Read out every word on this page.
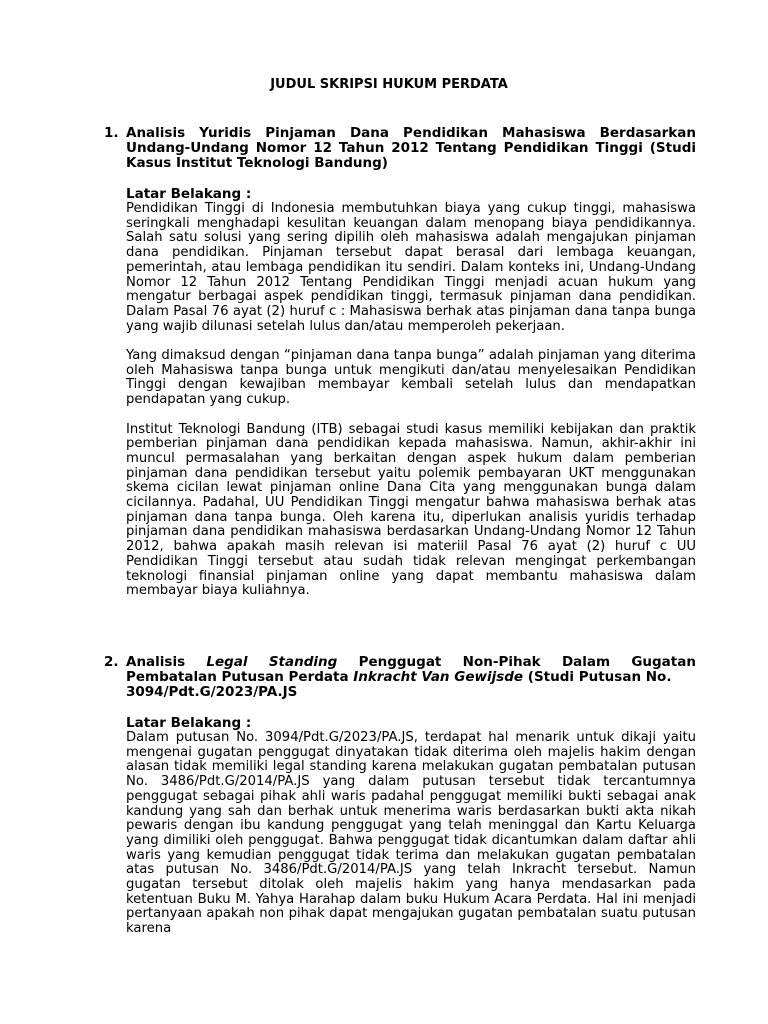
JUDUL SKRIPSI HUKUM PERDATA
1. Analisis Yuridis Pinjaman Dana Pendidikan Mahasiswa Berdasarkan Undang-Undang Nomor 12 Tahun 2012 Tentang Pendidikan Tinggi (Studi Kasus Institut Teknologi Bandung)

Latar Belakang :

Pendidikan Tinggi di Indonesia membutuhkan biaya yang cukup tinggi, mahasiswa seringkali menghadapi kesulitan keuangan dalam menopang biaya pendidikannya. Salah satu solusi yang sering dipilih oleh mahasiswa adalah mengajukan pinjaman dana pendidikan. Pinjaman tersebut dapat berasal dari lembaga keuangan, pemerintah, atau lembaga pendidikan itu sendiri. Dalam konteks ini, Undang-Undang Nomor 12 Tahun 2012 Tentang Pendidikan Tinggi menjadi acuan hukum yang mengatur berbagai aspek pendidikan tinggi, termasuk pinjaman dana pendidikan. Dalam Pasal 76 ayat (2) huruf c : Mahasiswa berhak atas pinjaman dana tanpa bunga yang wajib dilunasi setelah lulus dan/atau memperoleh pekerjaan.

Yang dimaksud dengan “pinjaman dana tanpa bunga” adalah pinjaman yang diterima oleh Mahasiswa tanpa bunga untuk mengikuti dan/atau menyelesaikan Pendidikan Tinggi dengan kewajiban membayar kembali setelah lulus dan mendapatkan pendapatan yang cukup.

Institut Teknologi Bandung (ITB) sebagai studi kasus memiliki kebijakan dan praktik pemberian pinjaman dana pendidikan kepada mahasiswa. Namun, akhir-akhir ini muncul permasalahan yang berkaitan dengan aspek hukum dalam pemberian pinjaman dana pendidikan tersebut yaitu polemik pembayaran UKT menggunakan skema cicilan lewat pinjaman online Dana Cita yang menggunakan bunga dalam cicilannya. Padahal, UU Pendidikan Tinggi mengatur bahwa mahasiswa berhak atas pinjaman dana tanpa bunga. Oleh karena itu, diperlukan analisis yuridis terhadap pinjaman dana pendidikan mahasiswa berdasarkan Undang-Undang Nomor 12 Tahun 2012, bahwa apakah masih relevan isi materiil Pasal 76 ayat (2) huruf c UU Pendidikan Tinggi tersebut atau sudah tidak relevan mengingat perkembangan teknologi finansial pinjaman online yang dapat membantu mahasiswa dalam membayar biaya kuliahnya.

2. Analisis Legal Standing Penggugat Non-Pihak Dalam Gugatan
Pembatalan Putusan Perdata Inkracht Van Gewijsde (Studi Putusan No.
3094/Pdt.G/2023/PA.JS

Latar Belakang :

Dalam putusan No. 3094/Pdt.G/2023/PA.JS, terdapat hal menarik untuk dikaji yaitu mengenai gugatan penggugat dinyatakan tidak diterima oleh majelis hakim dengan alasan tidak memiliki legal standing karena melakukan gugatan pembatalan putusan No. 3486/Pdt.G/2014/PA.JS yang dalam putusan tersebut tidak tercantumnya penggugat sebagai pihak ahli waris padahal penggugat memiliki bukti sebagai anak kandung yang sah dan berhak untuk menerima waris berdasarkan bukti akta nikah pewaris dengan ibu kandung penggugat yang telah meninggal dan Kartu Keluarga yang dimiliki oleh penggugat. Bahwa penggugat tidak dicantumkan dalam daftar ahli waris yang kemudian penggugat tidak terima dan melakukan gugatan pembatalan atas putusan No. 3486/Pdt.G/2014/PA.JS yang telah Inkracht tersebut. Namun gugatan tersebut ditolak oleh majelis hakim yang hanya mendasarkan pada ketentuan Buku M. Yahya Harahap dalam buku Hukum Acara Perdata. Hal ini menjadi pertanyaan apakah non pihak dapat mengajukan gugatan pembatalan suatu putusan karena
